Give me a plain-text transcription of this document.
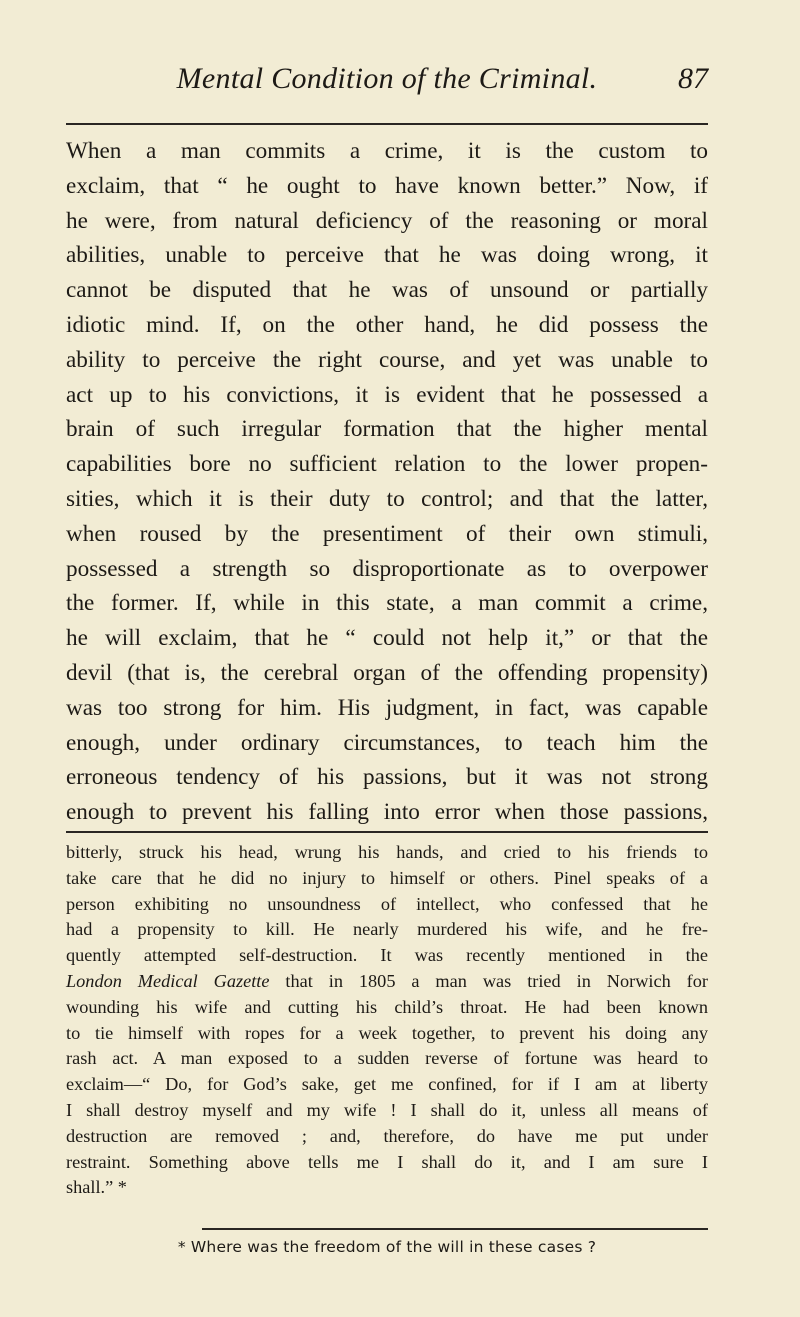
Mental Condition of the Criminal.	87
When a man commits a crime, it is the custom to
exclaim, that “ he ought to have known better.” Now, if
he were, from natural deficiency of the reasoning or moral
abilities, unable to perceive that he was doing wrong, it
cannot be disputed that he was of unsound or partially
idiotic mind. If, on the other hand, he did possess the
ability to perceive the right course, and yet was unable to
act up to his convictions, it is evident that he possessed a
brain of such irregular formation that the higher mental
capabilities bore no sufficient relation to the lower propen-
sities, which it is their duty to control; and that the latter,
when roused by the presentiment of their own stimuli,
possessed a strength so disproportionate as to overpower
the former. If, while in this state, a man commit a crime,
he will exclaim, that he “ could not help it,” or that the
devil (that is, the cerebral organ of the offending propensity)
was too strong for him. His judgment, in fact, was capable
enough, under ordinary circumstances, to teach him the
erroneous tendency of his passions, but it was not strong
enough to prevent his falling into error when those passions,
bitterly, struck his head, wrung his hands, and cried to his friends to
take care that he did no injury to himself or others. Pinel speaks of a
person exhibiting no unsoundness of intellect, who confessed that he
had a propensity to kill. He nearly murdered his wife, and he fre-
quently attempted self-destruction. It was recently mentioned in the
London Medical Gazette that in 1805 a man was tried in Norwich for
wounding his wife and cutting his child’s throat. He had been known
to tie himself with ropes for a week together, to prevent his doing any
rash act. A man exposed to a sudden reverse of fortune was heard to
exclaim—“ Do, for God’s sake, get me confined, for if I am at liberty
I shall destroy myself and my wife ! I shall do it, unless all means of
destruction are removed ; and, therefore, do have me put under
restraint. Something above tells me I shall do it, and I am sure I
shall.” *
* Where was the freedom of the will in these cases ?
